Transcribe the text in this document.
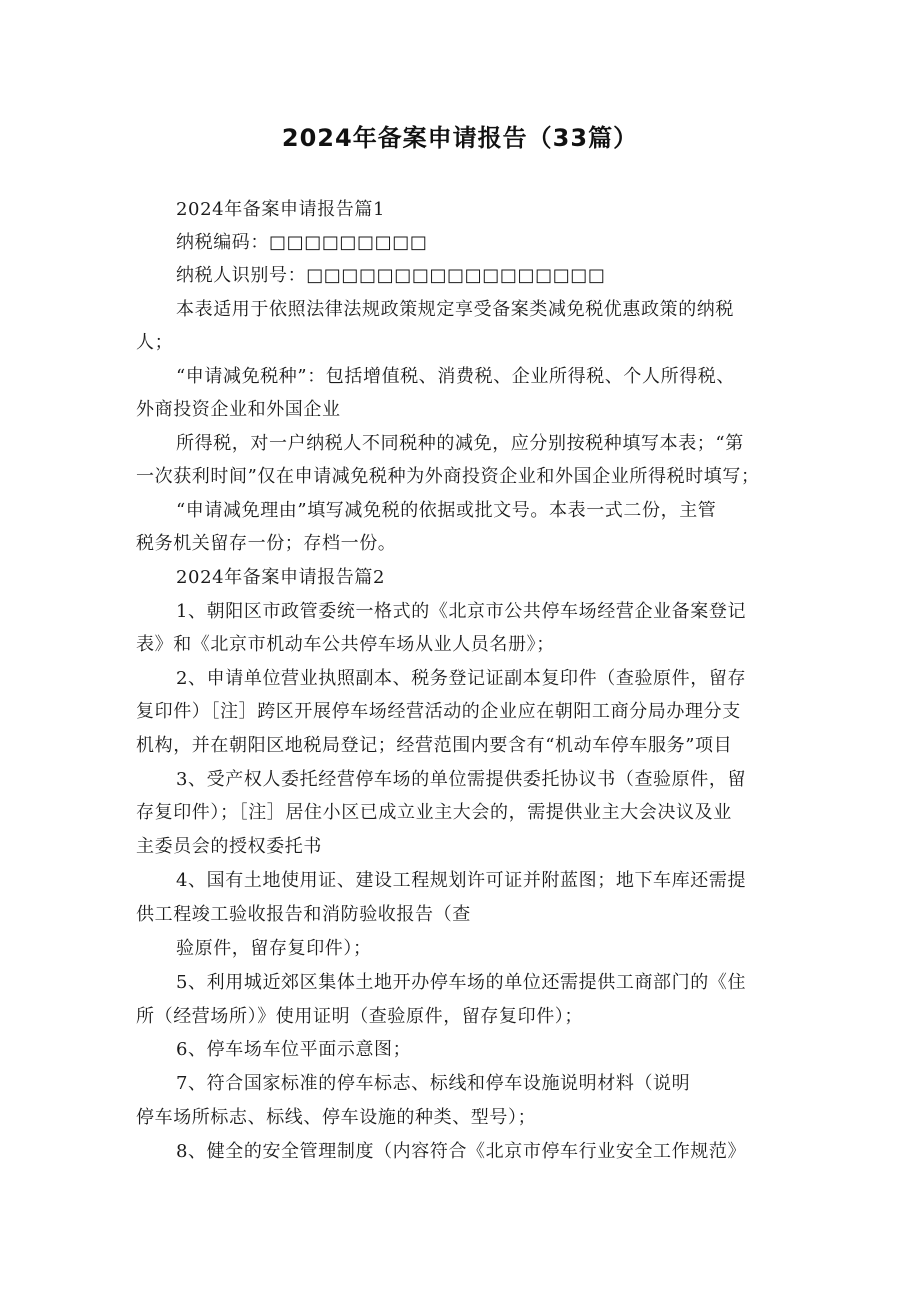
2024年备案申请报告（33篇）
2024年备案申请报告篇1
纳税编码：□□□□□□□□□
纳税人识别号：□□□□□□□□□□□□□□□□□
本表适用于依照法律法规政策规定享受备案类减免税优惠政策的纳税
人；
“申请减免税种”：包括增值税、消费税、企业所得税、个人所得税、
外商投资企业和外国企业
所得税，对一户纳税人不同税种的减免，应分别按税种填写本表；“第
一次获利时间”仅在申请减免税种为外商投资企业和外国企业所得税时填写；
“申请减免理由”填写减免税的依据或批文号。本表一式二份，主管
税务机关留存一份；存档一份。
2024年备案申请报告篇2
1、朝阳区市政管委统一格式的《北京市公共停车场经营企业备案登记
表》和《北京市机动车公共停车场从业人员名册》；
2、申请单位营业执照副本、税务登记证副本复印件（查验原件，留存
复印件）［注］跨区开展停车场经营活动的企业应在朝阳工商分局办理分支
机构，并在朝阳区地税局登记；经营范围内要含有“机动车停车服务”项目
3、受产权人委托经营停车场的单位需提供委托协议书（查验原件，留
存复印件）；［注］居住小区已成立业主大会的，需提供业主大会决议及业
主委员会的授权委托书
4、国有土地使用证、建设工程规划许可证并附蓝图；地下车库还需提
供工程竣工验收报告和消防验收报告（查
验原件，留存复印件）；
5、利用城近郊区集体土地开办停车场的单位还需提供工商部门的《住
所（经营场所）》使用证明（查验原件，留存复印件）；
6、停车场车位平面示意图；
7、符合国家标准的停车标志、标线和停车设施说明材料（说明
停车场所标志、标线、停车设施的种类、型号）；
8、健全的安全管理制度（内容符合《北京市停车行业安全工作规范》
